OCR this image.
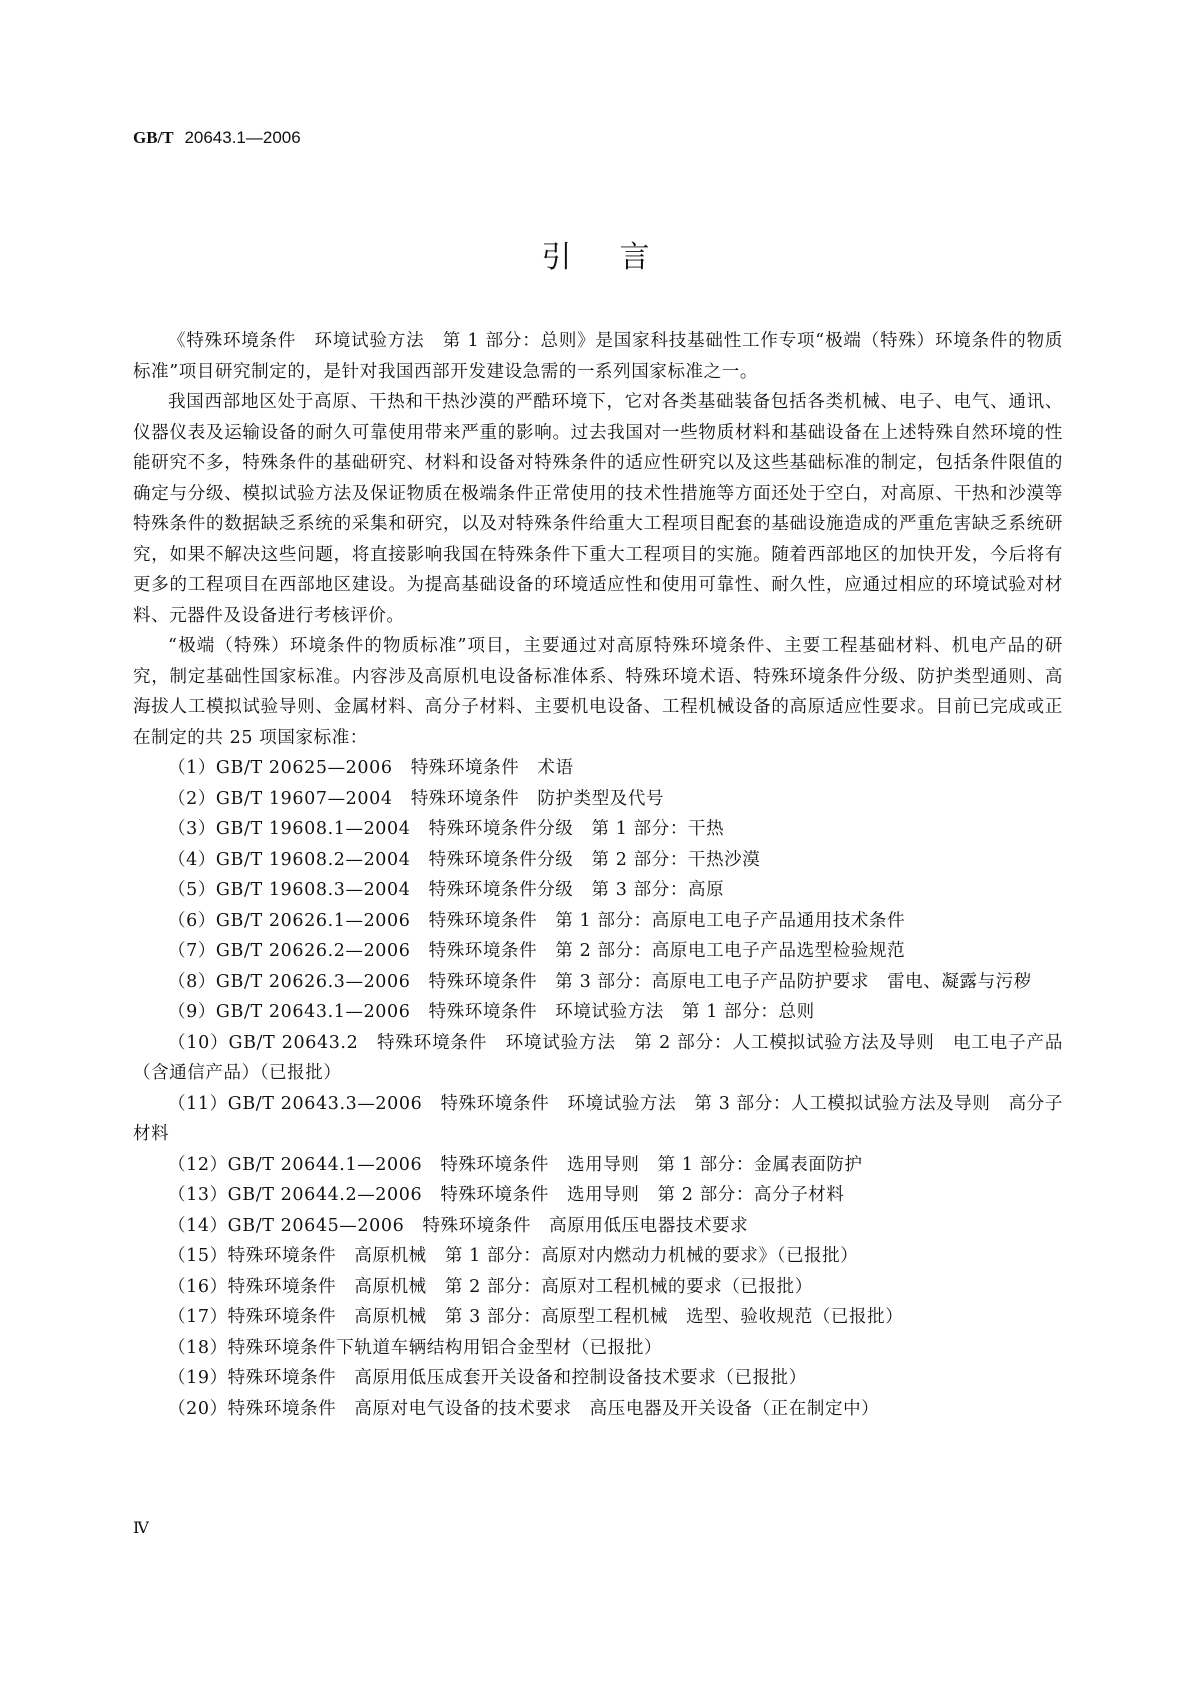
GB/T 20643.1—2006
引言

《特殊环境条件　环境试验方法　第 1 部分：总则》是国家科技基础性工作专项“极端（特殊）环境条件的物质标准”项目研究制定的，是针对我国西部开发建设急需的一系列国家标准之一。

我国西部地区处于高原、干热和干热沙漠的严酷环境下，它对各类基础装备包括各类机械、电子、电气、通讯、仪器仪表及运输设备的耐久可靠使用带来严重的影响。过去我国对一些物质材料和基础设备在上述特殊自然环境的性能研究不多，特殊条件的基础研究、材料和设备对特殊条件的适应性研究以及这些基础标准的制定，包括条件限值的确定与分级、模拟试验方法及保证物质在极端条件正常使用的技术性措施等方面还处于空白，对高原、干热和沙漠等特殊条件的数据缺乏系统的采集和研究，以及对特殊条件给重大工程项目配套的基础设施造成的严重危害缺乏系统研究，如果不解决这些问题，将直接影响我国在特殊条件下重大工程项目的实施。随着西部地区的加快开发，今后将有更多的工程项目在西部地区建设。为提高基础设备的环境适应性和使用可靠性、耐久性，应通过相应的环境试验对材料、元器件及设备进行考核评价。

“极端（特殊）环境条件的物质标准”项目，主要通过对高原特殊环境条件、主要工程基础材料、机电产品的研究，制定基础性国家标准。内容涉及高原机电设备标准体系、特殊环境术语、特殊环境条件分级、防护类型通则、高海拔人工模拟试验导则、金属材料、高分子材料、主要机电设备、工程机械设备的高原适应性要求。目前已完成或正在制定的共 25 项国家标准：

（1）GB/T 20625—2006　特殊环境条件　术语

（2）GB/T 19607—2004　特殊环境条件　防护类型及代号

（3）GB/T 19608.1—2004　特殊环境条件分级　第 1 部分：干热

（4）GB/T 19608.2—2004　特殊环境条件分级　第 2 部分：干热沙漠

（5）GB/T 19608.3—2004　特殊环境条件分级　第 3 部分：高原

（6）GB/T 20626.1—2006　特殊环境条件　第 1 部分：高原电工电子产品通用技术条件

（7）GB/T 20626.2—2006　特殊环境条件　第 2 部分：高原电工电子产品选型检验规范

（8）GB/T 20626.3—2006　特殊环境条件　第 3 部分：高原电工电子产品防护要求　雷电、凝露与污秽

（9）GB/T 20643.1—2006　特殊环境条件　环境试验方法　第 1 部分：总则

（10）GB/T 20643.2　特殊环境条件　环境试验方法　第 2 部分：人工模拟试验方法及导则　电工电子产品（含通信产品）（已报批）

（11）GB/T 20643.3—2006　特殊环境条件　环境试验方法　第 3 部分：人工模拟试验方法及导则　高分子材料

（12）GB/T 20644.1—2006　特殊环境条件　选用导则　第 1 部分：金属表面防护

（13）GB/T 20644.2—2006　特殊环境条件　选用导则　第 2 部分：高分子材料

（14）GB/T 20645—2006　特殊环境条件　高原用低压电器技术要求

（15）特殊环境条件　高原机械　第 1 部分：高原对内燃动力机械的要求》（已报批）

（16）特殊环境条件　高原机械　第 2 部分：高原对工程机械的要求（已报批）

（17）特殊环境条件　高原机械　第 3 部分：高原型工程机械　选型、验收规范（已报批）

（18）特殊环境条件下轨道车辆结构用铝合金型材（已报批）

（19）特殊环境条件　高原用低压成套开关设备和控制设备技术要求（已报批）

（20）特殊环境条件　高原对电气设备的技术要求　高压电器及开关设备（正在制定中）

Ⅳ
